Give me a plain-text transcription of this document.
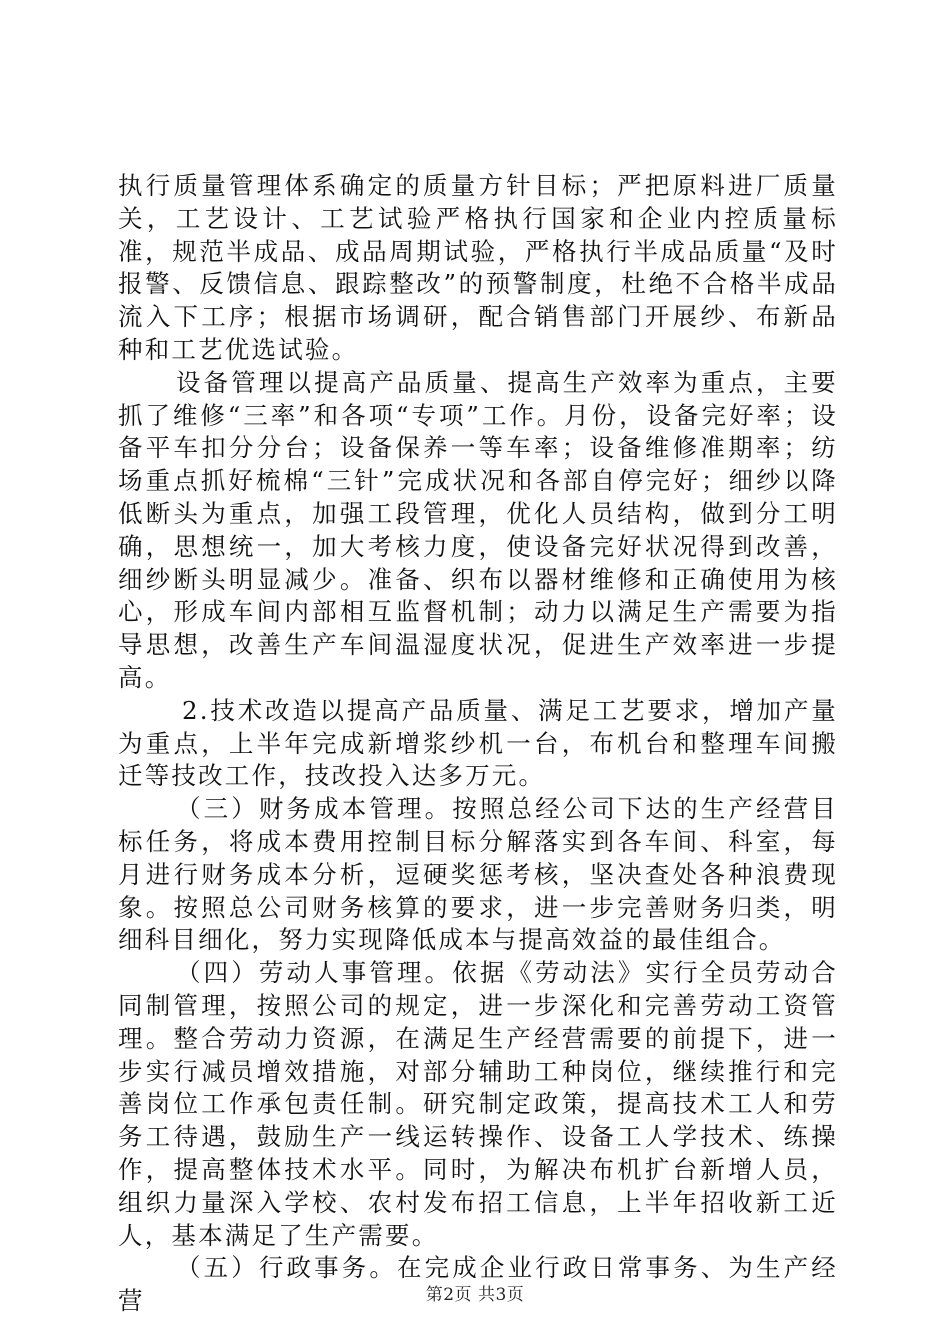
执行质量管理体系确定的质量方针目标；严把原料进厂质量关，工艺设计、工艺试验严格执行国家和企业内控质量标准，规范半成品、成品周期试验，严格执行半成品质量“及时报警、反馈信息、跟踪整改”的预警制度，杜绝不合格半成品流入下工序；根据市场调研，配合销售部门开展纱、布新品种和工艺优选试验。

设备管理以提高产品质量、提高生产效率为重点，主要抓了维修“三率”和各项“专项”工作。月份，设备完好率；设备平车扣分分台；设备保养一等车率；设备维修准期率；纺场重点抓好梳棉“三针”完成状况和各部自停完好；细纱以降低断头为重点，加强工段管理，优化人员结构，做到分工明确，思想统一，加大考核力度，使设备完好状况得到改善，细纱断头明显减少。准备、织布以器材维修和正确使用为核心，形成车间内部相互监督机制；动力以满足生产需要为指导思想，改善生产车间温湿度状况，促进生产效率进一步提高。

2.技术改造以提高产品质量、满足工艺要求，增加产量为重点，上半年完成新增浆纱机一台，布机台和整理车间搬迁等技改工作，技改投入达多万元。

（三）财务成本管理。按照总经公司下达的生产经营目标任务，将成本费用控制目标分解落实到各车间、科室，每月进行财务成本分析，逗硬奖惩考核，坚决查处各种浪费现象。按照总公司财务核算的要求，进一步完善财务归类，明细科目细化，努力实现降低成本与提高效益的最佳组合。

（四）劳动人事管理。依据《劳动法》实行全员劳动合同制管理，按照公司的规定，进一步深化和完善劳动工资管理。整合劳动力资源，在满足生产经营需要的前提下，进一步实行减员增效措施，对部分辅助工种岗位，继续推行和完善岗位工作承包责任制。研究制定政策，提高技术工人和劳务工待遇，鼓励生产一线运转操作、设备工人学技术、练操作，提高整体技术水平。同时，为解决布机扩台新增人员，组织力量深入学校、农村发布招工信息，上半年招收新工近人，基本满足了生产需要。

（五）行政事务。在完成企业行政日常事务、为生产经营	第2页 共3页
